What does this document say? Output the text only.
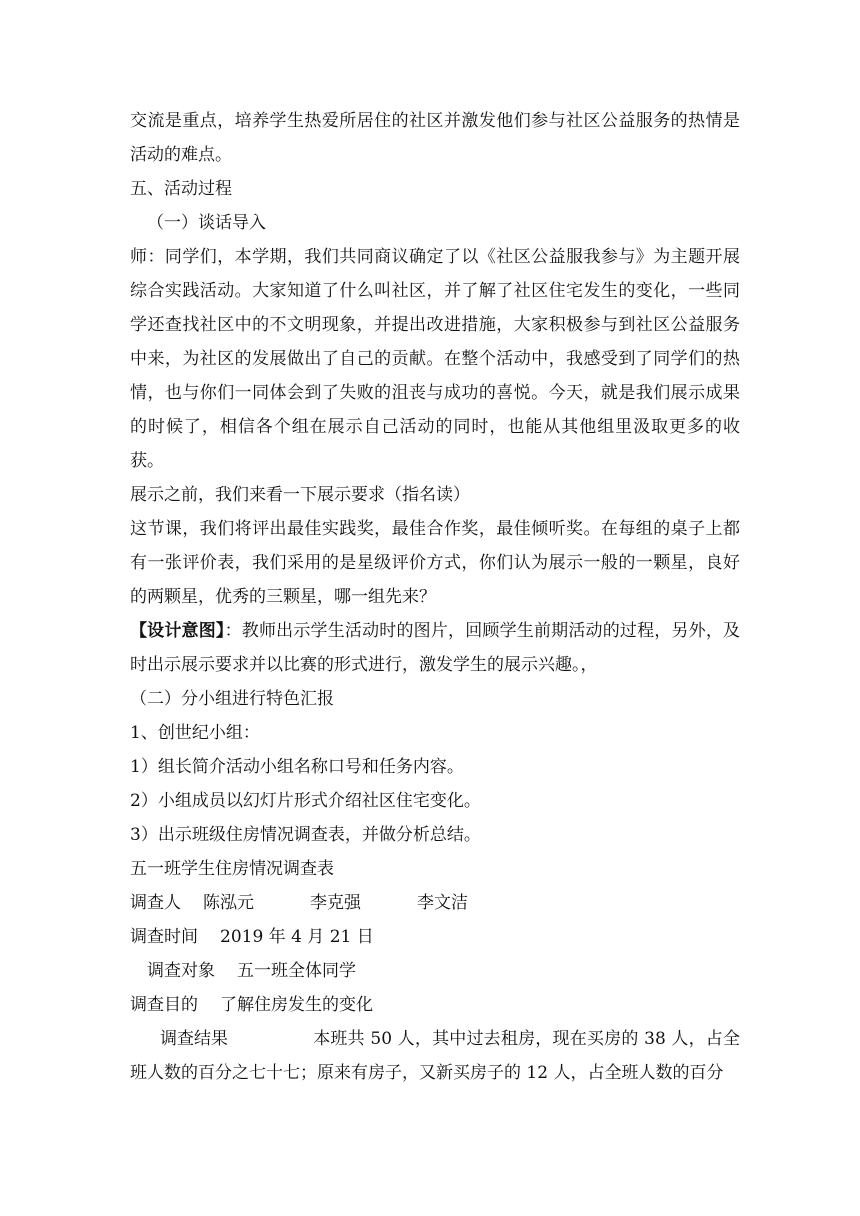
交流是重点，培养学生热爱所居住的社区并激发他们参与社区公益服务的热情是活动的难点。

五、活动过程

（一）谈话导入

师：同学们，本学期，我们共同商议确定了以《社区公益服我参与》为主题开展综合实践活动。大家知道了什么叫社区，并了解了社区住宅发生的变化，一些同学还查找社区中的不文明现象，并提出改进措施，大家积极参与到社区公益服务中来，为社区的发展做出了自己的贡献。在整个活动中，我感受到了同学们的热情，也与你们一同体会到了失败的沮丧与成功的喜悦。今天，就是我们展示成果的时候了，相信各个组在展示自己活动的同时，也能从其他组里汲取更多的收获。

展示之前，我们来看一下展示要求（指名读）

这节课，我们将评出最佳实践奖，最佳合作奖，最佳倾听奖。在每组的桌子上都有一张评价表，我们采用的是星级评价方式，你们认为展示一般的一颗星，良好的两颗星，优秀的三颗星，哪一组先来？

【设计意图】：教师出示学生活动时的图片，回顾学生前期活动的过程，另外，及时出示展示要求并以比赛的形式进行，激发学生的展示兴趣。，

（二）分小组进行特色汇报

1、创世纪小组：

1）组长简介活动小组名称口号和任务内容。

2）小组成员以幻灯片形式介绍社区住宅变化。

3）出示班级住房情况调查表，并做分析总结。

五一班学生住房情况调查表

调查人 陈泓元	李克强	李文洁

调查时间 2019 年 4 月 21 日

调查对象 五一班全体同学

调查目的 了解住房发生的变化

调查结果	本班共 50 人，其中过去租房，现在买房的 38 人，占全班人数的百分之七十七；原来有房子，又新买房子的 12 人，占全班人数的百分
